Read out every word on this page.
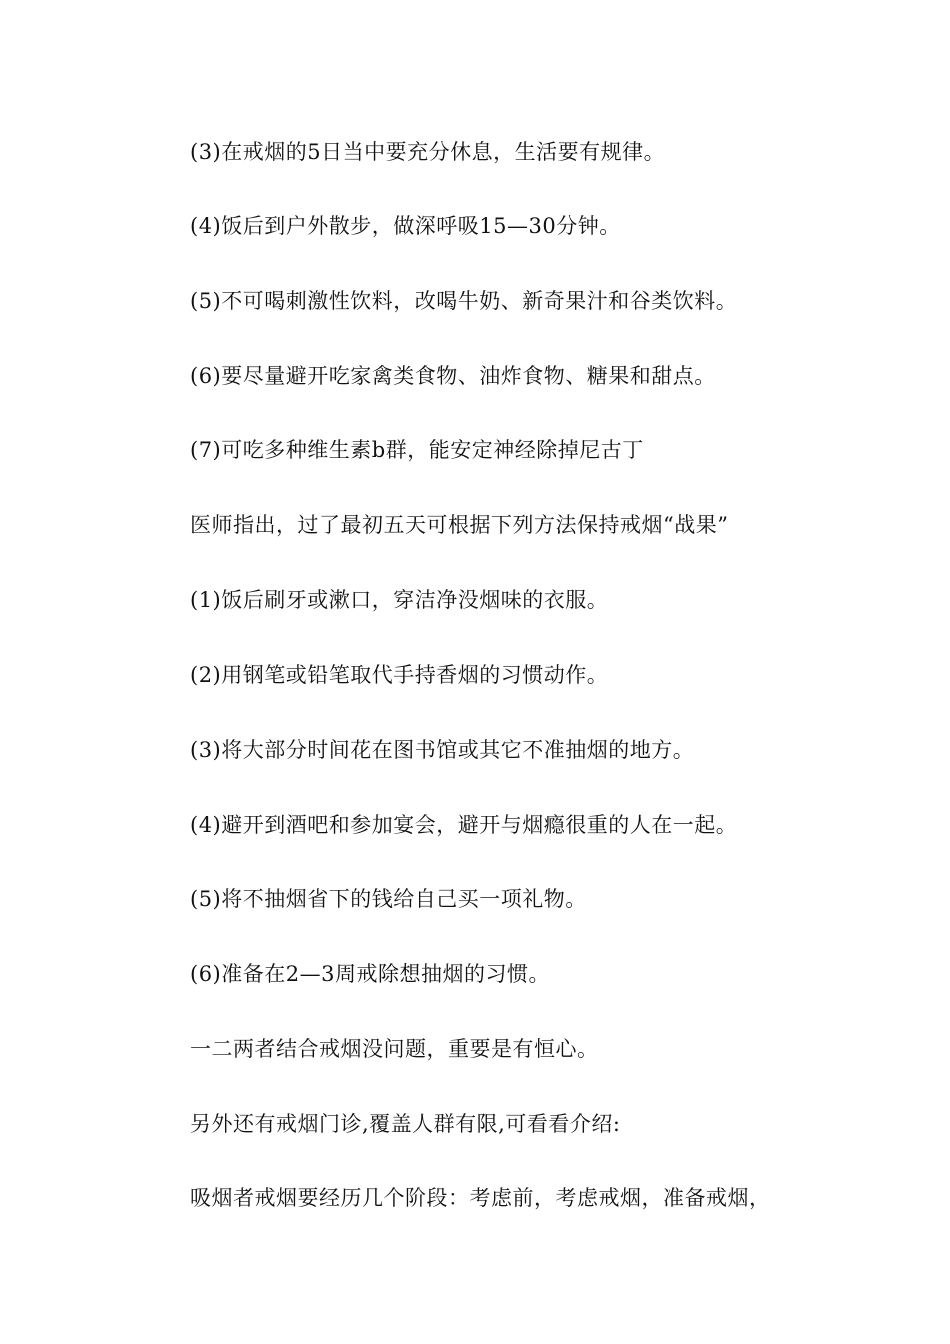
(3)在戒烟的5日当中要充分休息，生活要有规律。

(4)饭后到户外散步，做深呼吸15—30分钟。

(5)不可喝刺激性饮料，改喝牛奶、新奇果汁和谷类饮料。

(6)要尽量避开吃家禽类食物、油炸食物、糖果和甜点。

(7)可吃多种维生素b群，能安定神经除掉尼古丁

医师指出，过了最初五天可根据下列方法保持戒烟“战果”

(1)饭后刷牙或漱口，穿洁净没烟味的衣服。

(2)用钢笔或铅笔取代手持香烟的习惯动作。

(3)将大部分时间花在图书馆或其它不准抽烟的地方。

(4)避开到酒吧和参加宴会，避开与烟瘾很重的人在一起。

(5)将不抽烟省下的钱给自己买一项礼物。

(6)准备在2—3周戒除想抽烟的习惯。

一二两者结合戒烟没问题，重要是有恒心。

另外还有戒烟门诊,覆盖人群有限,可看看介绍:

吸烟者戒烟要经历几个阶段：考虑前，考虑戒烟，准备戒烟，
